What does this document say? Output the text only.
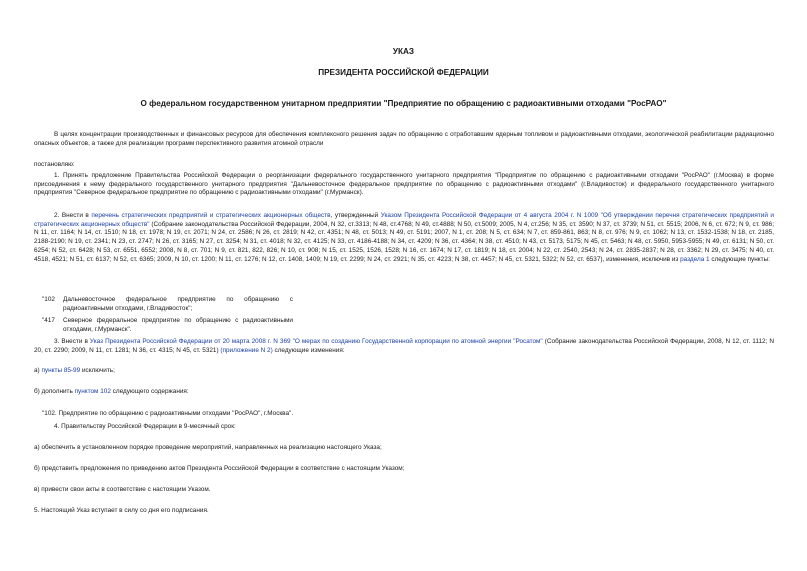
УКАЗ
ПРЕЗИДЕНТА РОССИЙСКОЙ ФЕДЕРАЦИИ
О федеральном государственном унитарном предприятии "Предприятие по обращению с радиоактивными отходами "РосРАО"
В целях концентрации производственных и финансовых ресурсов для обеспечения комплексного решения задач по обращению с отработавшим ядерным топливом и радиоактивными отходами, экологической реабилитации радиационно опасных объектов, а также для реализации программ перспективного развития атомной отрасли
постановляю:
1. Принять предложение Правительства Российской Федерации о реорганизации федерального государственного унитарного предприятия "Предприятие по обращению с радиоактивными отходами "РосРАО" (г.Москва) в форме присоединения к нему федерального государственного унитарного предприятия "Дальневосточное федеральное предприятие по обращению с радиоактивными отходами" (г.Владивосток) и федерального государственного унитарного предприятия "Северное федеральное предприятие по обращению с радиоактивными отходами" (г.Мурманск).
2. Внести в перечень стратегических предприятий и стратегических акционерных обществ, утвержденный Указом Президента Российской Федерации от 4 августа 2004 г. N 1009 "Об утверждении перечня стратегических предприятий и стратегических акционерных обществ" (Собрание законодательства Российской Федерации, 2004, N 32, ст.3313; N 48, ст.4768; N 49, ст.4888; N 50, ст.5009; 2005, N 4, ст.256; N 35, ст. 3590; N 37, ст. 3739; N 51, ст. 5515; 2006, N 6, ст. 672; N 9, ст. 986; N 11, ст. 1164; N 14, ст. 1510; N 18, ст. 1978; N 19, ст. 2071; N 24, ст. 2586; N 26, ст. 2819; N 42, ст. 4351; N 48, ст. 5013; N 49, ст. 5191; 2007, N 1, ст. 208; N 5, ст. 634; N 7, ст. 859-861, 863; N 8, ст. 976; N 9, ст. 1062; N 13, ст. 1532-1538; N 18, ст. 2185, 2188-2190; N 19, ст. 2341; N 23, ст. 2747; N 26, ст. 3165; N 27, ст. 3254; N 31, ст. 4018; N 32, ст. 4125; N 33, ст. 4186-4188; N 34, ст. 4209; N 36, ст. 4364; N 38, ст. 4510; N 43, ст. 5173, 5175; N 45, ст. 5463; N 48, ст. 5950, 5953-5955; N 49, ст. 6131; N 50, ст. 6254; N 52, ст. 6428; N 53, ст. 6551, 6552; 2008, N 8, ст. 701; N 9, ст. 821, 822, 826; N 10, ст. 908; N 15, ст. 1525, 1526, 1528; N 16, ст. 1674; N 17, ст. 1819; N 18, ст. 2004; N 22, ст. 2540, 2543; N 24, ст. 2835-2837; N 28, ст. 3362; N 29, ст. 3475; N 40, ст. 4518, 4521; N 51, ст. 6137; N 52, ст. 6365; 2009, N 10, ст. 1200; N 11, ст. 1276; N 12, ст. 1408, 1409; N 19, ст. 2299; N 24, ст. 2921; N 35, ст. 4223; N 38, ст. 4457; N 45, ст. 5321, 5322; N 52, ст. 6537), изменения, исключив из раздела 1 следующие пункты:
"102 Дальневосточное федеральное предприятие по обращению с радиоактивными отходами, г.Владивосток";
"417 Северное федеральное предприятие по обращению с радиоактивными отходами, г.Мурманск".
3. Внести в Указ Президента Российской Федерации от 20 марта 2008 г. N 369 "О мерах по созданию Государственной корпорации по атомной энергии "Росатом" (Собрание законодательства Российской Федерации, 2008, N 12, ст. 1112; N 20, ст. 2290; 2009, N 11, ст. 1281; N 36, ст. 4315; N 45, ст. 5321) (приложение N 2) следующие изменения:
а) пункты 85-99 исключить;
б) дополнить пунктом 102 следующего содержания:
"102. Предприятие по обращению с радиоактивными отходами "РосРАО", г.Москва".
4. Правительству Российской Федерации в 9-месячный срок:
а) обеспечить в установленном порядке проведение мероприятий, направленных на реализацию настоящего Указа;
б) представить предложения по приведению актов Президента Российской Федерации в соответствие с настоящим Указом;
в) привести свои акты в соответствие с настоящим Указом.
5. Настоящий Указ вступает в силу со дня его подписания.
